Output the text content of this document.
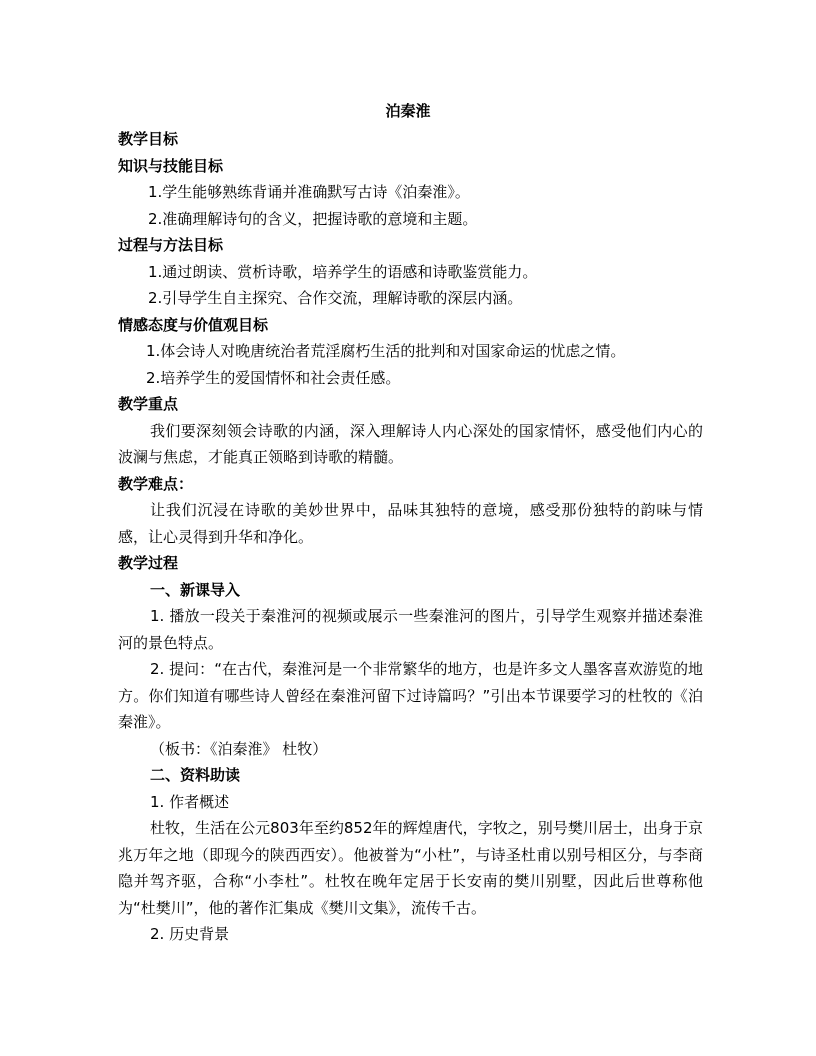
泊秦淮
教学目标
知识与技能目标
1.学生能够熟练背诵并准确默写古诗《泊秦淮》。
2.准确理解诗句的含义，把握诗歌的意境和主题。
过程与方法目标
1.通过朗读、赏析诗歌，培养学生的语感和诗歌鉴赏能力。
2.引导学生自主探究、合作交流，理解诗歌的深层内涵。
情感态度与价值观目标
1.体会诗人对晚唐统治者荒淫腐朽生活的批判和对国家命运的忧虑之情。
2.培养学生的爱国情怀和社会责任感。
教学重点
我们要深刻领会诗歌的内涵，深入理解诗人内心深处的国家情怀，感受他们内心的波澜与焦虑，才能真正领略到诗歌的精髓。
教学难点：
让我们沉浸在诗歌的美妙世界中，品味其独特的意境，感受那份独特的韵味与情感，让心灵得到升华和净化。
教学过程
一、新课导入
1. 播放一段关于秦淮河的视频或展示一些秦淮河的图片，引导学生观察并描述秦淮河的景色特点。
2. 提问：“在古代，秦淮河是一个非常繁华的地方，也是许多文人墨客喜欢游览的地方。你们知道有哪些诗人曾经在秦淮河留下过诗篇吗？”引出本节课要学习的杜牧的《泊秦淮》。
（板书：《泊秦淮》 杜牧）
二、资料助读
1. 作者概述
杜牧，生活在公元803年至约852年的辉煌唐代，字牧之，别号樊川居士，出身于京兆万年之地（即现今的陕西西安）。他被誉为“小杜”，与诗圣杜甫以别号相区分，与李商隐并驾齐驱，合称“小李杜”。杜牧在晚年定居于长安南的樊川别墅，因此后世尊称他为“杜樊川”，他的著作汇集成《樊川文集》，流传千古。
2. 历史背景
